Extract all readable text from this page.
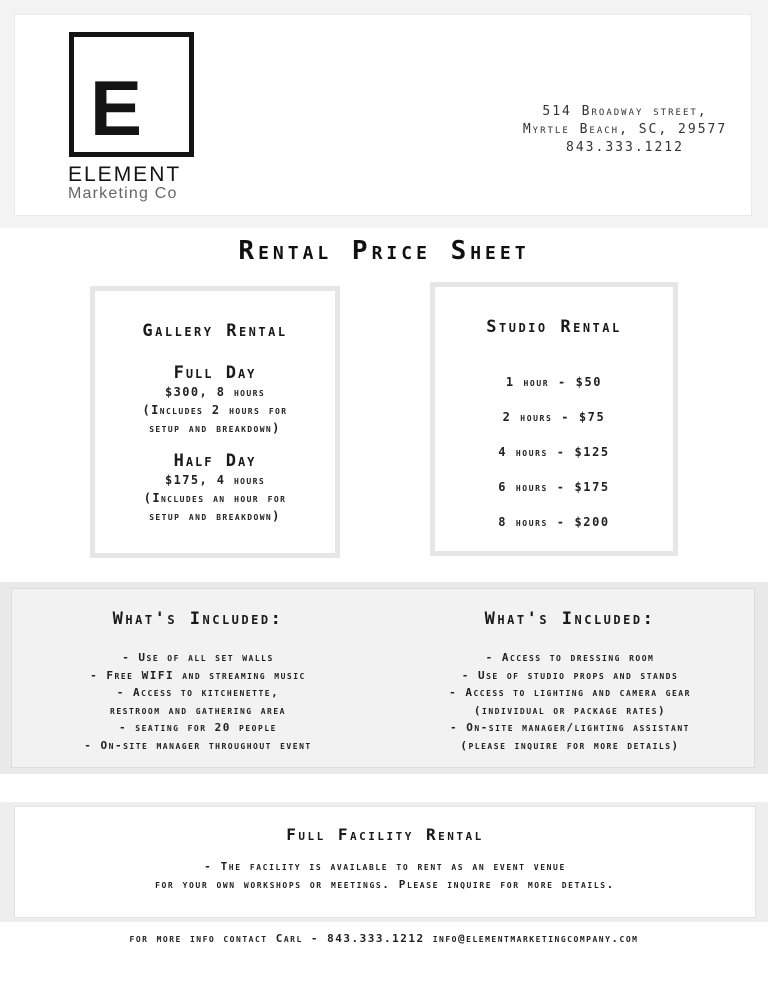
E
ELEMENT
Marketing Co
514 Broadway street,
Myrtle Beach, SC, 29577
843.333.1212
Rental Price Sheet
Gallery Rental
Full Day
$300, 8 hours
(Includes 2 hours for
setup and breakdown)
Half Day
$175, 4 hours
(Includes an hour for
setup and breakdown)
Studio Rental
1 hour - $50
2 hours - $75
4 hours - $125
6 hours - $175
8 hours - $200
What's Included:
- Use of all set walls
- Free WIFI and streaming music
- Access to kitchenette,
restroom and gathering area
- seating for 20 people
- On-site manager throughout event
What's Included:
- Access to dressing room
- Use of studio props and stands
- Access to lighting and camera gear
(individual or package rates)
- On-site manager/lighting assistant
(please inquire for more details)
Full Facility Rental
- The facility is available to rent as an event venue
for your own workshops or meetings. Please inquire for more details.
for more info contact Carl - 843.333.1212 info@elementmarketingcompany.com
